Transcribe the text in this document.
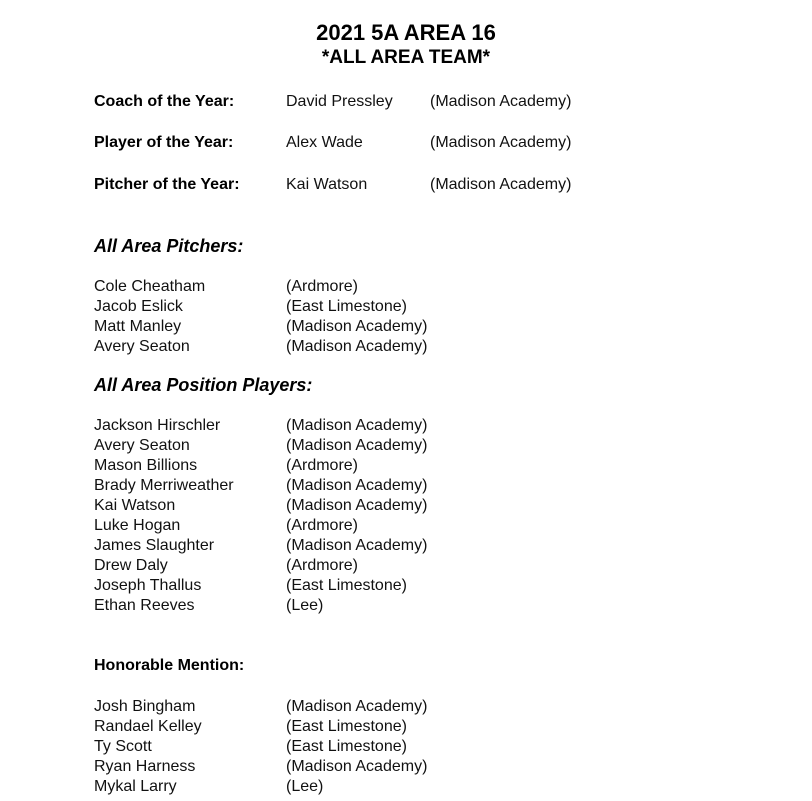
2021 5A AREA 16
*ALL AREA TEAM*
Coach of the Year:	David Pressley (Madison Academy)
Player of the Year:	Alex Wade	(Madison Academy)
Pitcher of the Year:	Kai Watson	(Madison Academy)
All Area Pitchers:
Cole Cheatham	(Ardmore)
Jacob Eslick	(East Limestone)
Matt Manley	(Madison Academy)
Avery Seaton	(Madison Academy)
All Area Position Players:
Jackson Hirschler	(Madison Academy)
Avery Seaton	(Madison Academy)
Mason Billions	(Ardmore)
Brady Merriweather	(Madison Academy)
Kai Watson	(Madison Academy)
Luke Hogan	(Ardmore)
James Slaughter	(Madison Academy)
Drew Daly	(Ardmore)
Joseph Thallus	(East Limestone)
Ethan Reeves	(Lee)
Honorable Mention:
Josh Bingham	(Madison Academy)
Randael Kelley	(East Limestone)
Ty Scott	(East Limestone)
Ryan Harness	(Madison Academy)
Mykal Larry	(Lee)
